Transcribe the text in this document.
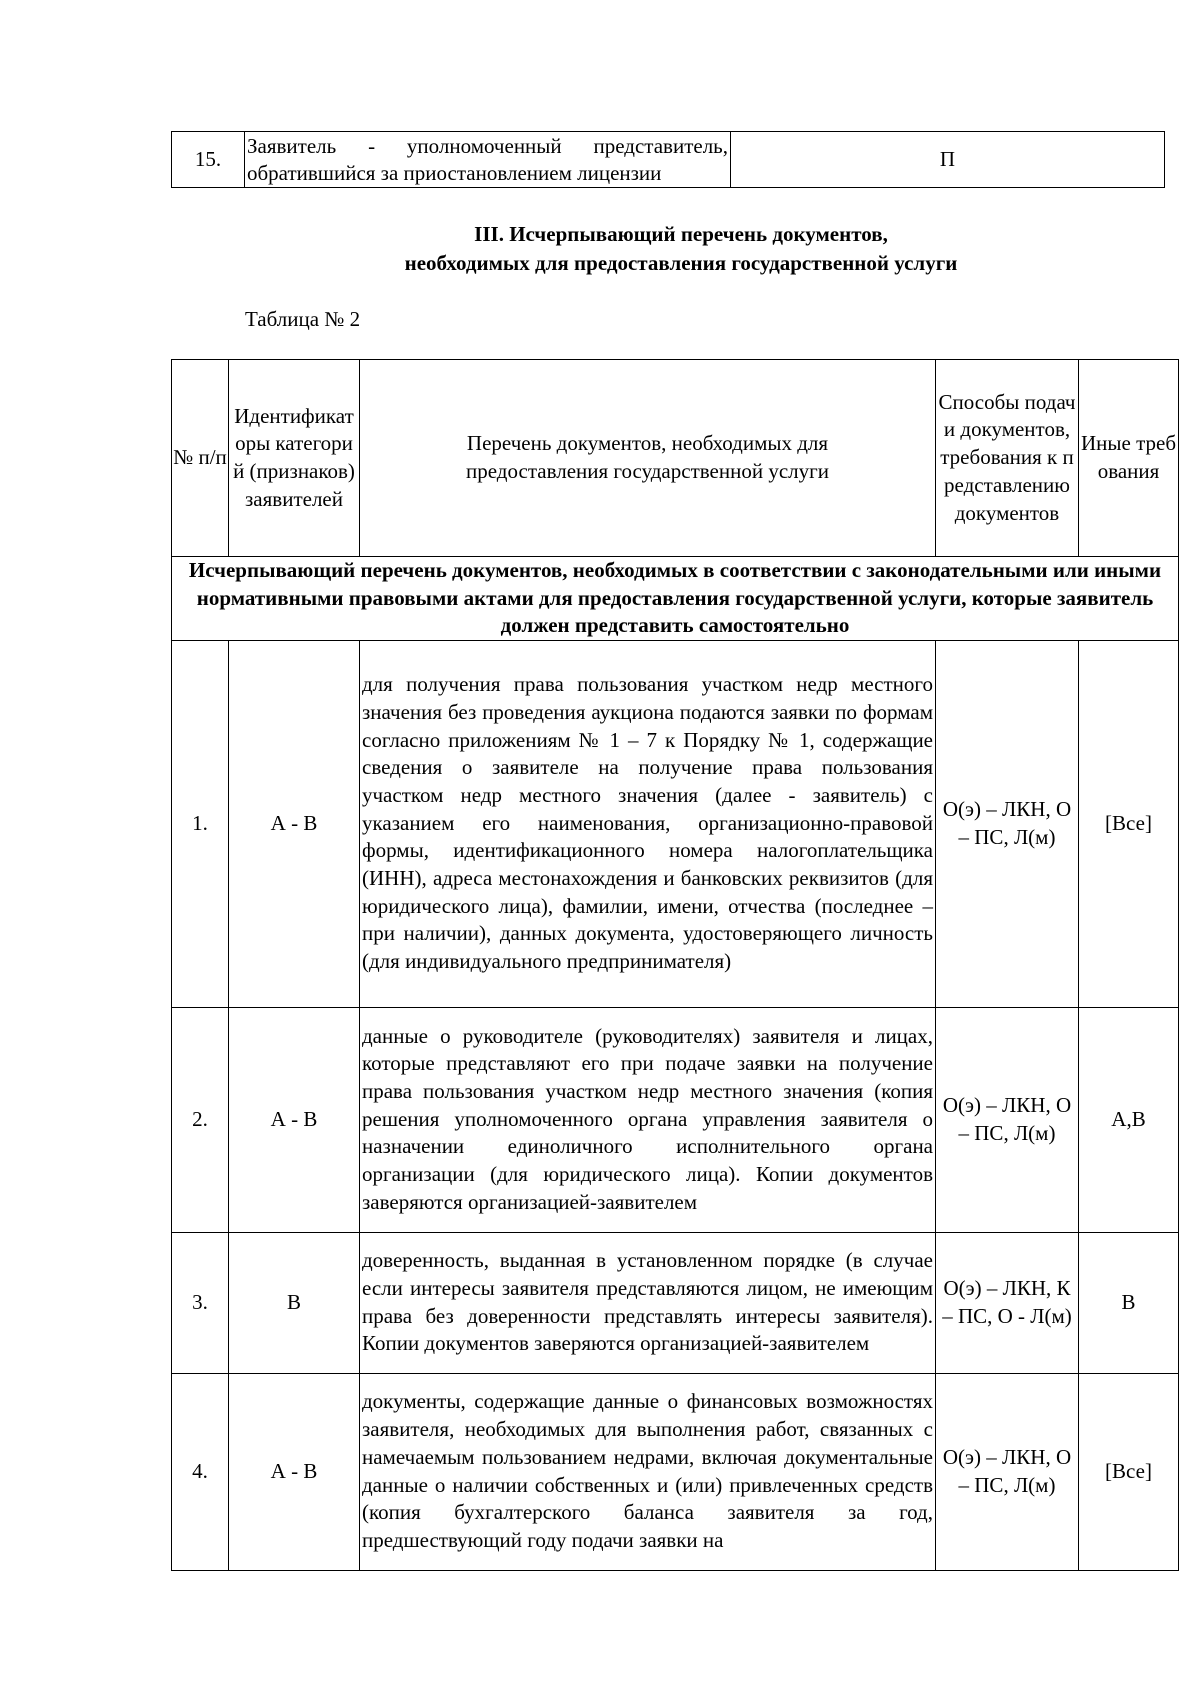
15.	Заявитель - уполномоченный представитель, обратившийся за приостановлением лицензии	П
III. Исчерпывающий перечень документов,
необходимых для предоставления государственной услуги
Таблица № 2
№ п/п	Идентификаторы категорий (признаков) заявителей	Перечень документов, необходимых для предоставления государственной услуги	Способы подачи документов, требования к представлению документов	Иные требования
Исчерпывающий перечень документов, необходимых в соответствии с законодательными или иными нормативными правовыми актами для предоставления государственной услуги, которые заявитель должен представить самостоятельно				
1.	А - В	для получения права пользования участком недр местного значения без проведения аукциона подаются заявки по формам согласно приложениям № 1 – 7 к Порядку № 1, содержащие сведения о заявителе на получение права пользования участком недр местного значения (далее - заявитель) с указанием его наименования, организационно-правовой формы, идентификационного номера налогоплательщика (ИНН), адреса местонахождения и банковских реквизитов (для юридического лица), фамилии, имени, отчества (последнее – при наличии), данных документа, удостоверяющего личность (для индивидуального предпринимателя)	О(э) – ЛКН, О – ПС, Л(м)	[Все]
2.	А - В	данные о руководителе (руководителях) заявителя и лицах, которые представляют его при подаче заявки на получение права пользования участком недр местного значения (копия решения уполномоченного органа управления заявителя о назначении единоличного исполнительного органа организации (для юридического лица). Копии документов заверяются организацией-заявителем	О(э) – ЛКН, О – ПС, Л(м)	А,В
3.	В	доверенность, выданная в установленном порядке (в случае если интересы заявителя представляются лицом, не имеющим права без доверенности представлять интересы заявителя). Копии документов заверяются организацией-заявителем	О(э) – ЛКН, К – ПС, О - Л(м)	В
4.	А - В	документы, содержащие данные о финансовых возможностях заявителя, необходимых для выполнения работ, связанных с намечаемым пользованием недрами, включая документальные данные о наличии собственных и (или) привлеченных средств (копия бухгалтерского баланса заявителя за год, предшествующий году подачи заявки на	О(э) – ЛКН, О – ПС, Л(м)	[Все]
